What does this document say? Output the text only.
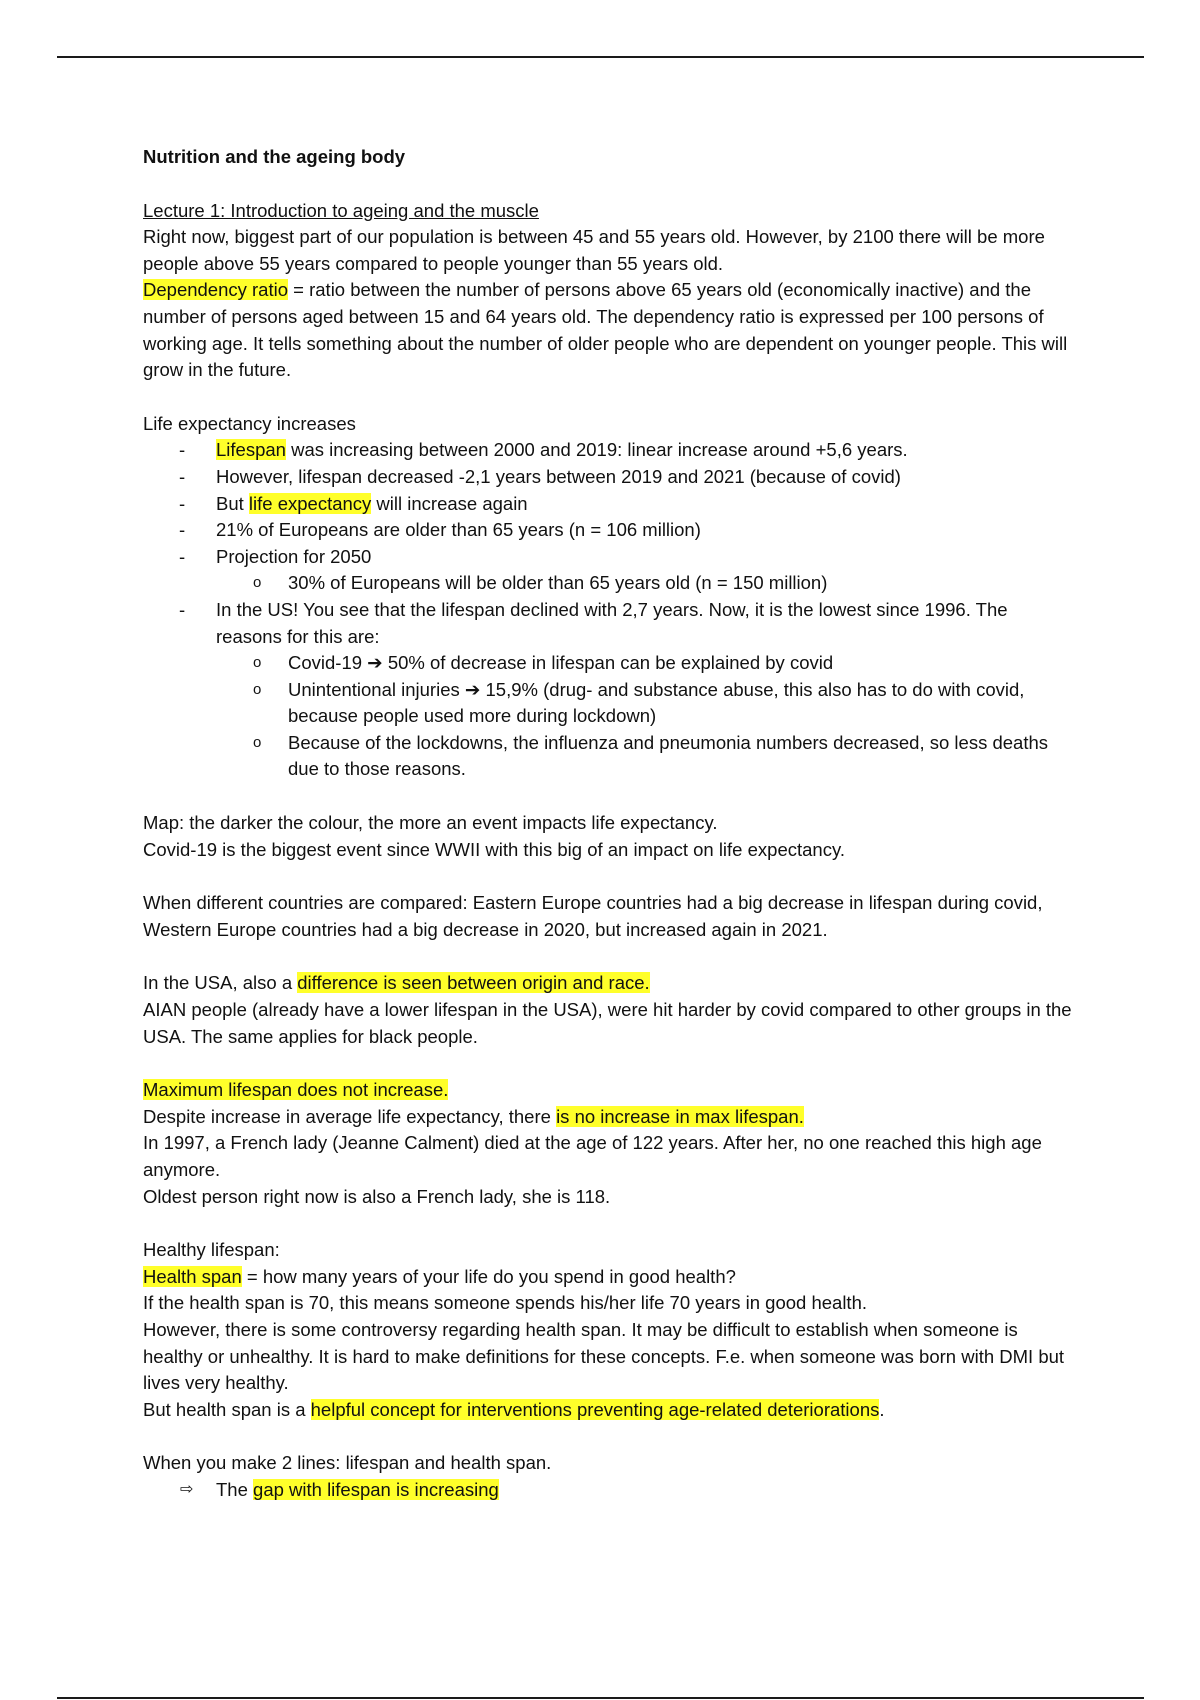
Nutrition and the ageing body

Lecture 1: Introduction to ageing and the muscle

Right now, biggest part of our population is between 45 and 55 years old. However, by 2100 there will be more people above 55 years compared to people younger than 55 years old.

Dependency ratio = ratio between the number of persons above 65 years old (economically inactive) and the number of persons aged between 15 and 64 years old. The dependency ratio is expressed per 100 persons of working age. It tells something about the number of older people who are dependent on younger people. This will grow in the future.

Life expectancy increases

- Lifespan was increasing between 2000 and 2019: linear increase around +5,6 years.
- However, lifespan decreased -2,1 years between 2019 and 2021 (because of covid)
- But life expectancy will increase again
- 21% of Europeans are older than 65 years (n = 106 million)
- Projection for 2050
o 30% of Europeans will be older than 65 years old (n = 150 million)
- In the US! You see that the lifespan declined with 2,7 years. Now, it is the lowest since 1996. The reasons for this are:
o Covid-19 ➔ 50% of decrease in lifespan can be explained by covid
o Unintentional injuries ➔ 15,9% (drug- and substance abuse, this also has to do with covid, because people used more during lockdown)
o Because of the lockdowns, the influenza and pneumonia numbers decreased, so less deaths due to those reasons.

Map: the darker the colour, the more an event impacts life expectancy.

Covid-19 is the biggest event since WWII with this big of an impact on life expectancy.

When different countries are compared: Eastern Europe countries had a big decrease in lifespan during covid, Western Europe countries had a big decrease in 2020, but increased again in 2021.

In the USA, also a difference is seen between origin and race.

AIAN people (already have a lower lifespan in the USA), were hit harder by covid compared to other groups in the USA. The same applies for black people.

Maximum lifespan does not increase.

Despite increase in average life expectancy, there is no increase in max lifespan.

In 1997, a French lady (Jeanne Calment) died at the age of 122 years. After her, no one reached this high age anymore.

Oldest person right now is also a French lady, she is 118.

Healthy lifespan:

Health span = how many years of your life do you spend in good health?

If the health span is 70, this means someone spends his/her life 70 years in good health.

However, there is some controversy regarding health span. It may be difficult to establish when someone is healthy or unhealthy. It is hard to make definitions for these concepts. F.e. when someone was born with DMI but lives very healthy.

But health span is a helpful concept for interventions preventing age-related deteriorations.

When you make 2 lines: lifespan and health span.

⇨ The gap with lifespan is increasing
